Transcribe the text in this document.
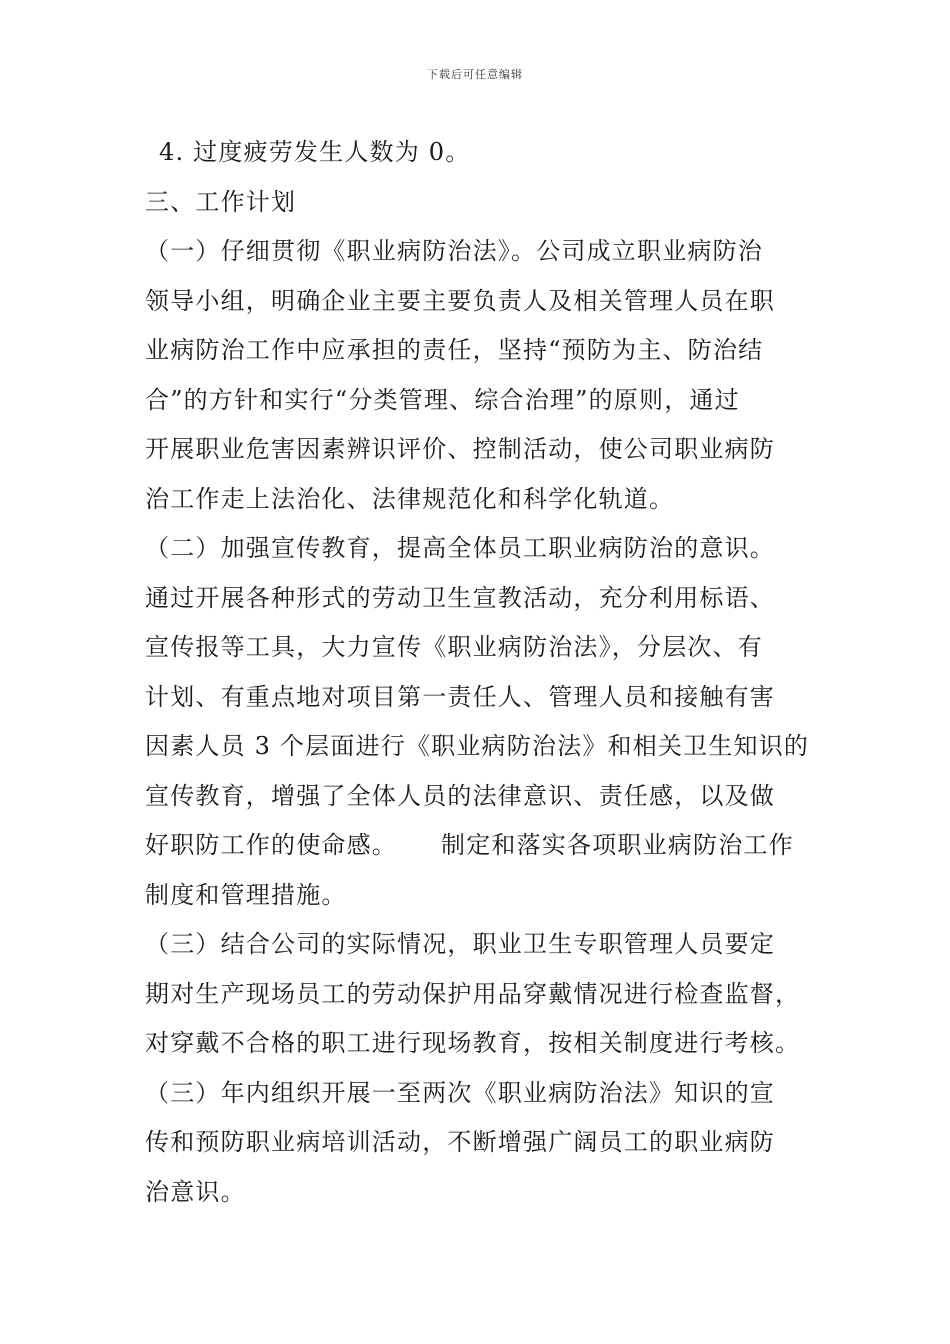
下载后可任意编辑
4. 过度疲劳发生人数为 0。
三、工作计划
（一）仔细贯彻《职业病防治法》。公司成立职业病防治
领导小组，明确企业主要主要负责人及相关管理人员在职
业病防治工作中应承担的责任，坚持“预防为主、防治结
合”的方针和实行“分类管理、综合治理”的原则，通过
开展职业危害因素辨识评价、控制活动，使公司职业病防
治工作走上法治化、法律规范化和科学化轨道。
（二）加强宣传教育，提高全体员工职业病防治的意识。
通过开展各种形式的劳动卫生宣教活动，充分利用标语、
宣传报等工具，大力宣传《职业病防治法》，分层次、有
计划、有重点地对项目第一责任人、管理人员和接触有害
因素人员 3 个层面进行《职业病防治法》和相关卫生知识的
宣传教育，增强了全体人员的法律意识、责任感，以及做
好职防工作的使命感。 制定和落实各项职业病防治工作
制度和管理措施。
（三）结合公司的实际情况，职业卫生专职管理人员要定
期对生产现场员工的劳动保护用品穿戴情况进行检查监督，
对穿戴不合格的职工进行现场教育，按相关制度进行考核。
（三）年内组织开展一至两次《职业病防治法》知识的宣
传和预防职业病培训活动，不断增强广阔员工的职业病防
治意识。
